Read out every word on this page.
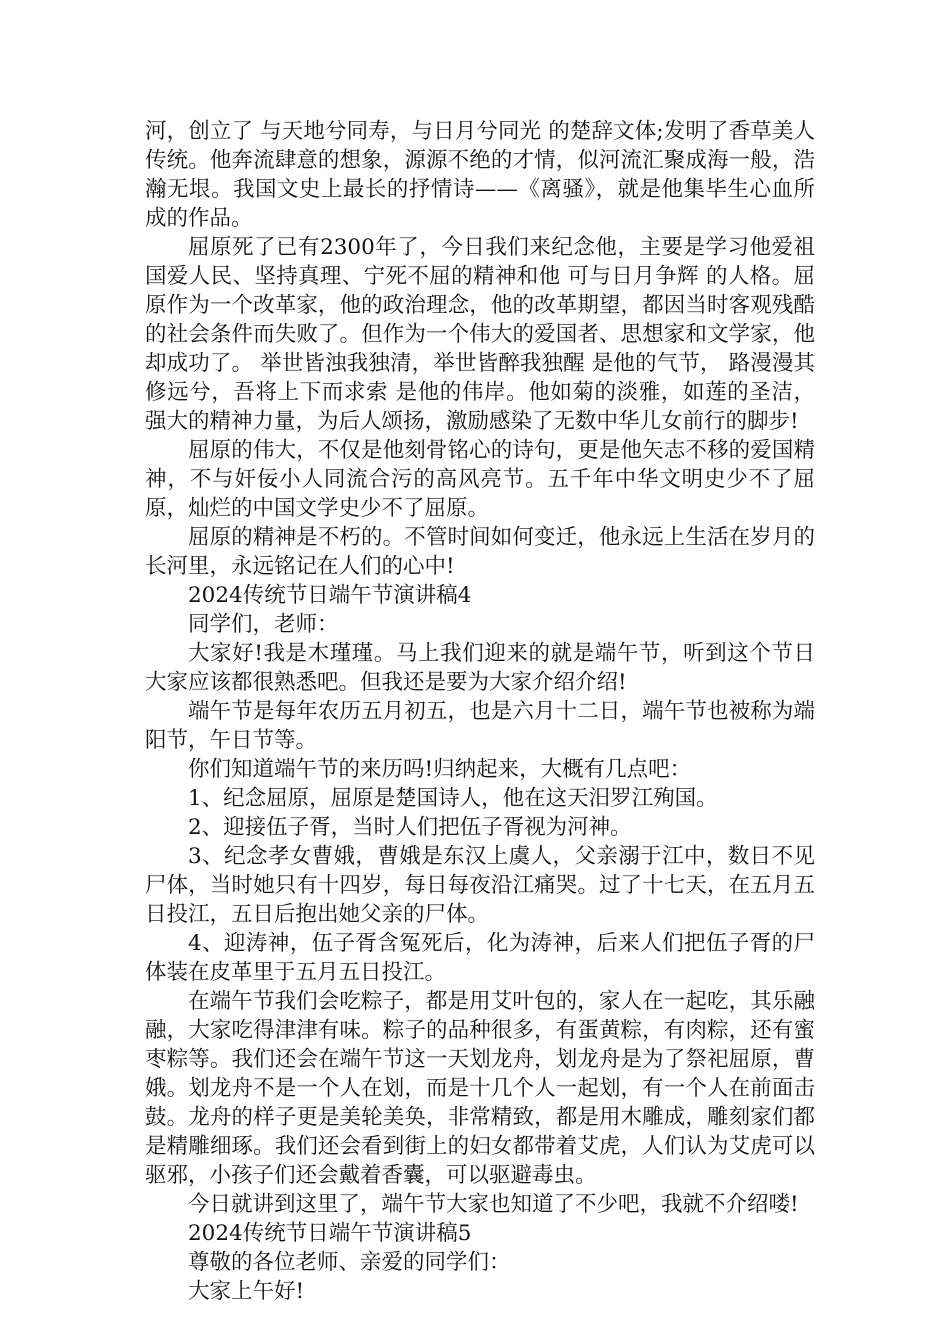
河，创立了 与天地兮同寿，与日月兮同光 的楚辞文体;发明了香草美人传统。他奔流肆意的想象，源源不绝的才情，似河流汇聚成海一般，浩瀚无垠。我国文史上最长的抒情诗——《离骚》，就是他集毕生心血所成的作品。

屈原死了已有2300年了，今日我们来纪念他，主要是学习他爱祖国爱人民、坚持真理、宁死不屈的精神和他 可与日月争辉 的人格。屈原作为一个改革家，他的政治理念，他的改革期望，都因当时客观残酷的社会条件而失败了。但作为一个伟大的爱国者、思想家和文学家，他却成功了。 举世皆浊我独清，举世皆醉我独醒 是他的气节， 路漫漫其修远兮，吾将上下而求索 是他的伟岸。他如菊的淡雅，如莲的圣洁，强大的精神力量，为后人颂扬，激励感染了无数中华儿女前行的脚步!

屈原的伟大，不仅是他刻骨铭心的诗句，更是他矢志不移的爱国精神，不与奸佞小人同流合污的高风亮节。五千年中华文明史少不了屈原，灿烂的中国文学史少不了屈原。

屈原的精神是不朽的。不管时间如何变迁，他永远上生活在岁月的 长河里，永远铭记在人们的心中!

2024传统节日端午节演讲稿4

同学们，老师：

大家好!我是木瑾瑾。马上我们迎来的就是端午节，听到这个节日大家应该都很熟悉吧。但我还是要为大家介绍介绍!

端午节是每年农历五月初五，也是六月十二日，端午节也被称为端阳节，午日节等。

你们知道端午节的来历吗!归纳起来，大概有几点吧：

1、纪念屈原，屈原是楚国诗人，他在这天汨罗江殉国。

2、迎接伍子胥，当时人们把伍子胥视为河神。

3、纪念孝女曹娥，曹娥是东汉上虞人，父亲溺于江中，数日不见尸体，当时她只有十四岁，每日每夜沿江痛哭。过了十七天，在五月五日投江，五日后抱出她父亲的尸体。

4、迎涛神，伍子胥含冤死后，化为涛神，后来人们把伍子胥的尸体装在皮革里于五月五日投江。

在端午节我们会吃粽子，都是用艾叶包的，家人在一起吃，其乐融融，大家吃得津津有味。粽子的品种很多，有蛋黄粽，有肉粽，还有蜜枣粽等。我们还会在端午节这一天划龙舟，划龙舟是为了祭祀屈原，曹娥。划龙舟不是一个人在划，而是十几个人一起划，有一个人在前面击鼓。龙舟的样子更是美轮美奂，非常精致，都是用木雕成，雕刻家们都是精雕细琢。我们还会看到街上的妇女都带着艾虎，人们认为艾虎可以驱邪，小孩子们还会戴着香囊，可以驱避毒虫。

今日就讲到这里了，端午节大家也知道了不少吧，我就不介绍喽!

2024传统节日端午节演讲稿5

尊敬的各位老师、亲爱的同学们：

大家上午好!
